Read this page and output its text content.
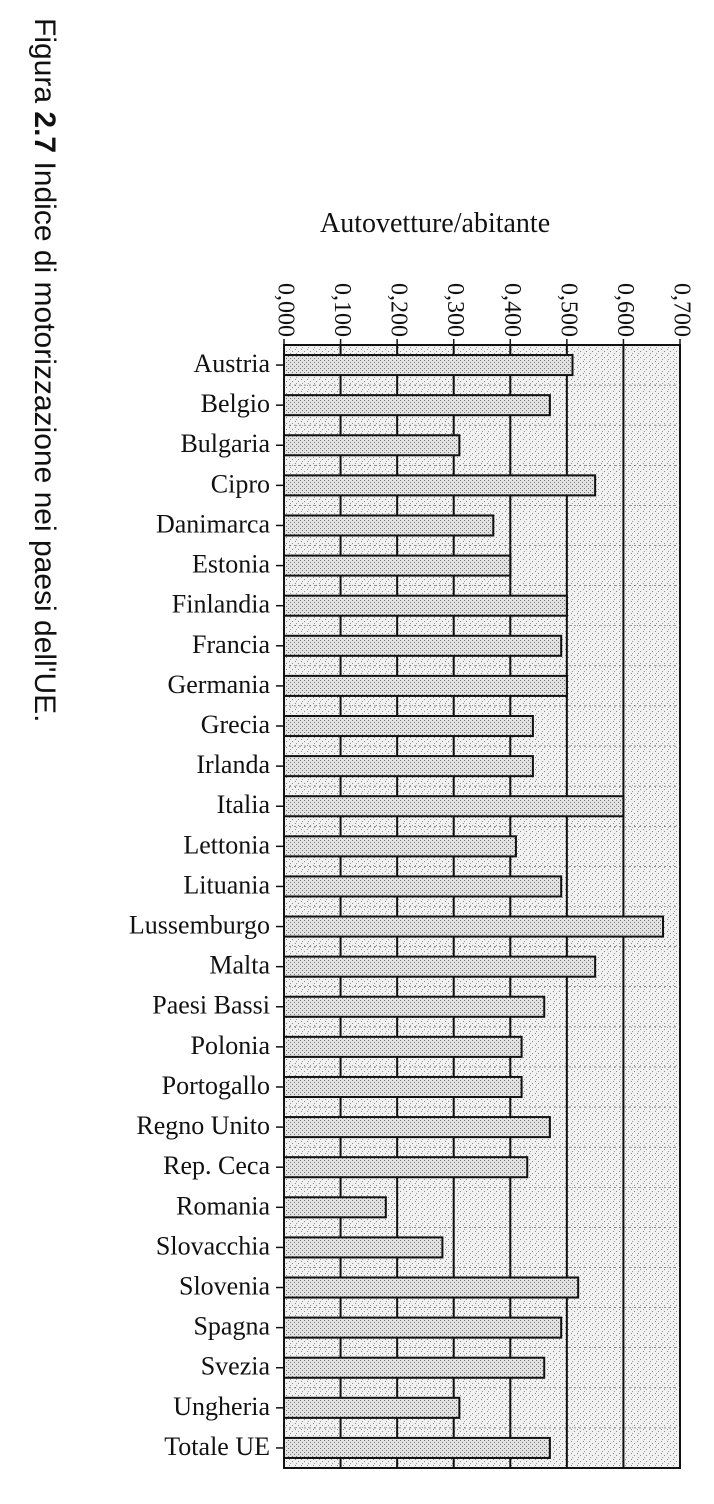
Figura 2.7 Indice di motorizzazione nei paesi dell'UE.	Autovetture/abitante
0,000 0,100 0,200 0,300 0,400 0,500 0,600 0,700
Austria
Belgio
Bulgaria
Cipro
Danimarca
Estonia
Finlandia
Francia
Germania
Grecia
Irlanda
Italia
Lettonia
Lituania
Lussemburgo
Malta
Paesi Bassi
Polonia
Portogallo
Regno Unito
Rep. Ceca
Romania
Slovacchia
Slovenia
Spagna
Svezia
Ungheria
Totale UE
